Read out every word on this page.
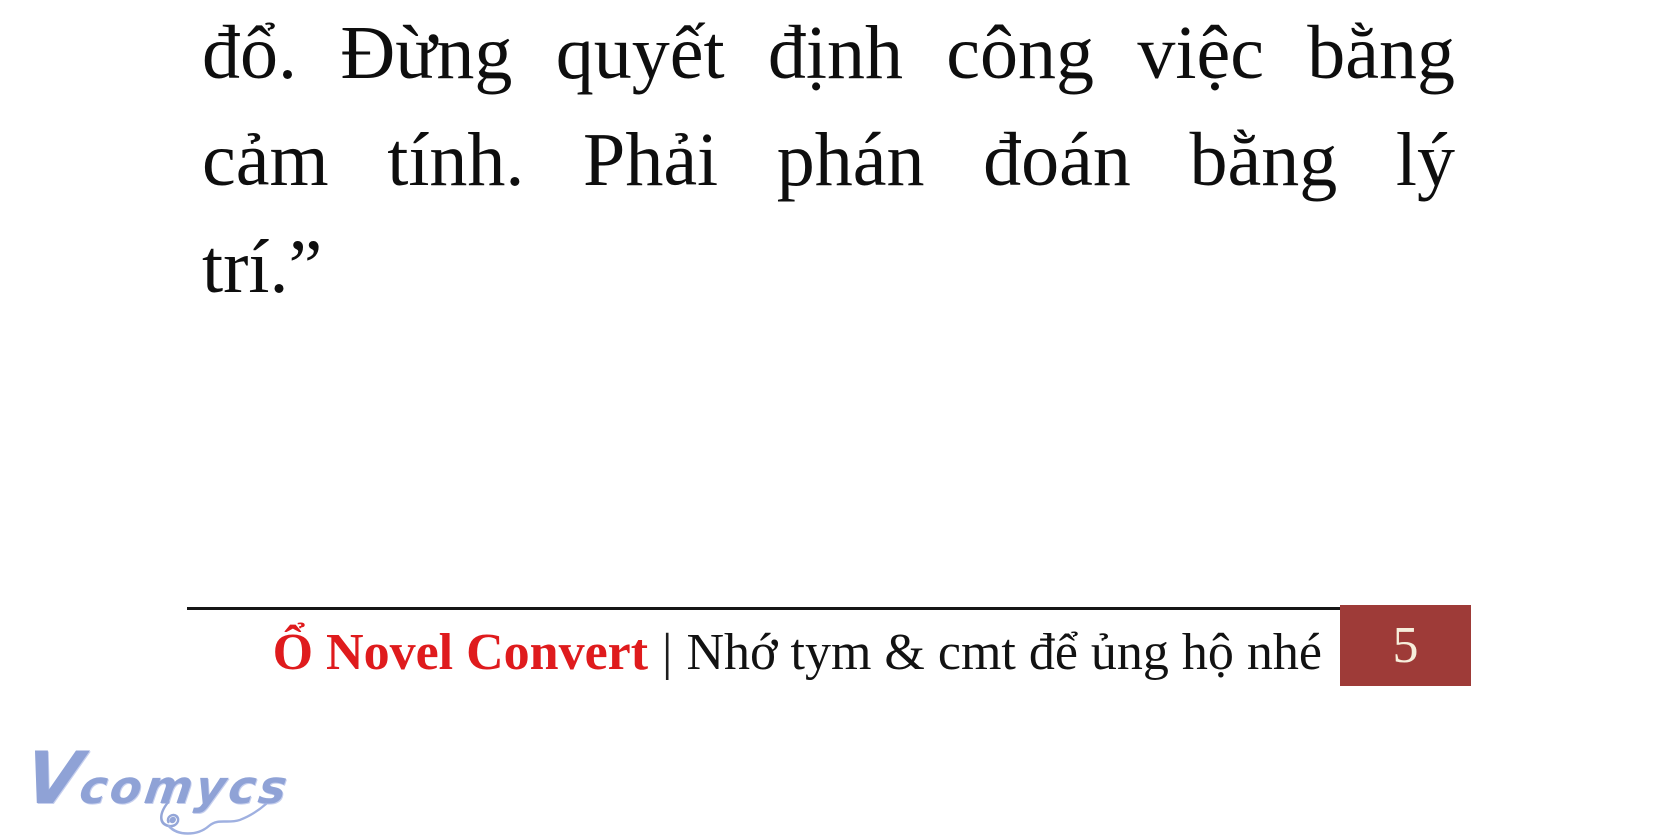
đổ. Đừng quyết định công việc bằng
cảm tính. Phải phán đoán bằng lý
trí.”
Ổ Novel Convert | Nhớ tym & cmt để ủng hộ nhé 5
V
comycs
